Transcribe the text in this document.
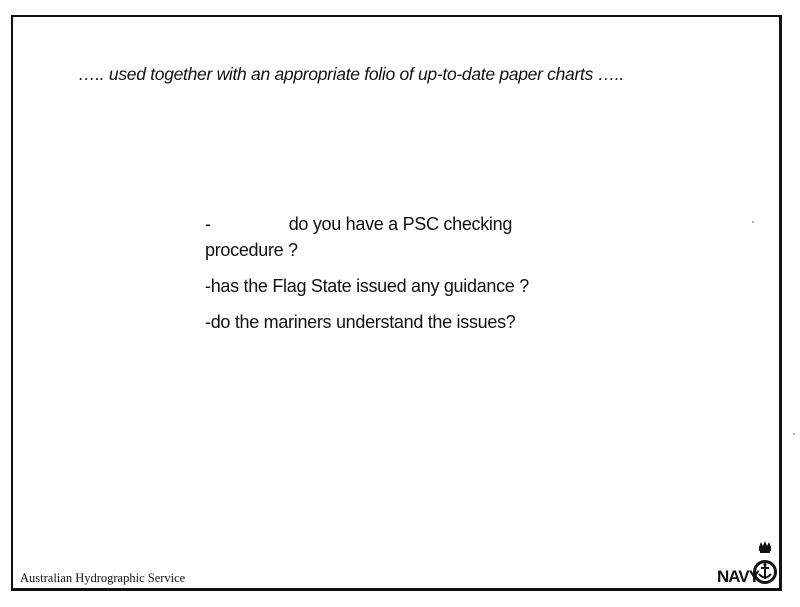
….. used together with an appropriate folio of up-to-date paper charts …..
-	do you have a PSC checking
procedure ?
-has the Flag State issued any guidance ?
-do the mariners understand the issues?
Australian Hydrographic Service	NAVY
